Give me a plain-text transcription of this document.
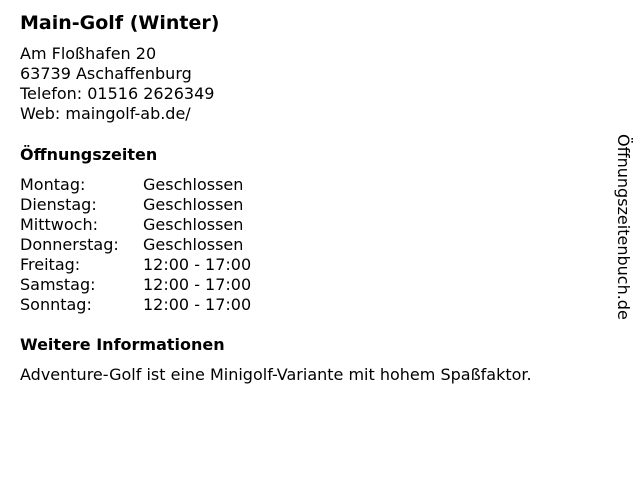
Main-Golf (Winter)
Am Floßhafen 20
63739 Aschaffenburg
Telefon: 01516 2626349
Web: maingolf-ab.de/
Öffnungszeiten
Montag:	Geschlossen
Dienstag:	Geschlossen
Mittwoch:	Geschlossen
Donnerstag:	Geschlossen
Freitag:	12:00 - 17:00
Samstag:	12:00 - 17:00
Sonntag:	12:00 - 17:00
Weitere Informationen
Adventure-Golf ist eine Minigolf-Variante mit hohem Spaßfaktor.
Öffnungszeitenbuch.de
